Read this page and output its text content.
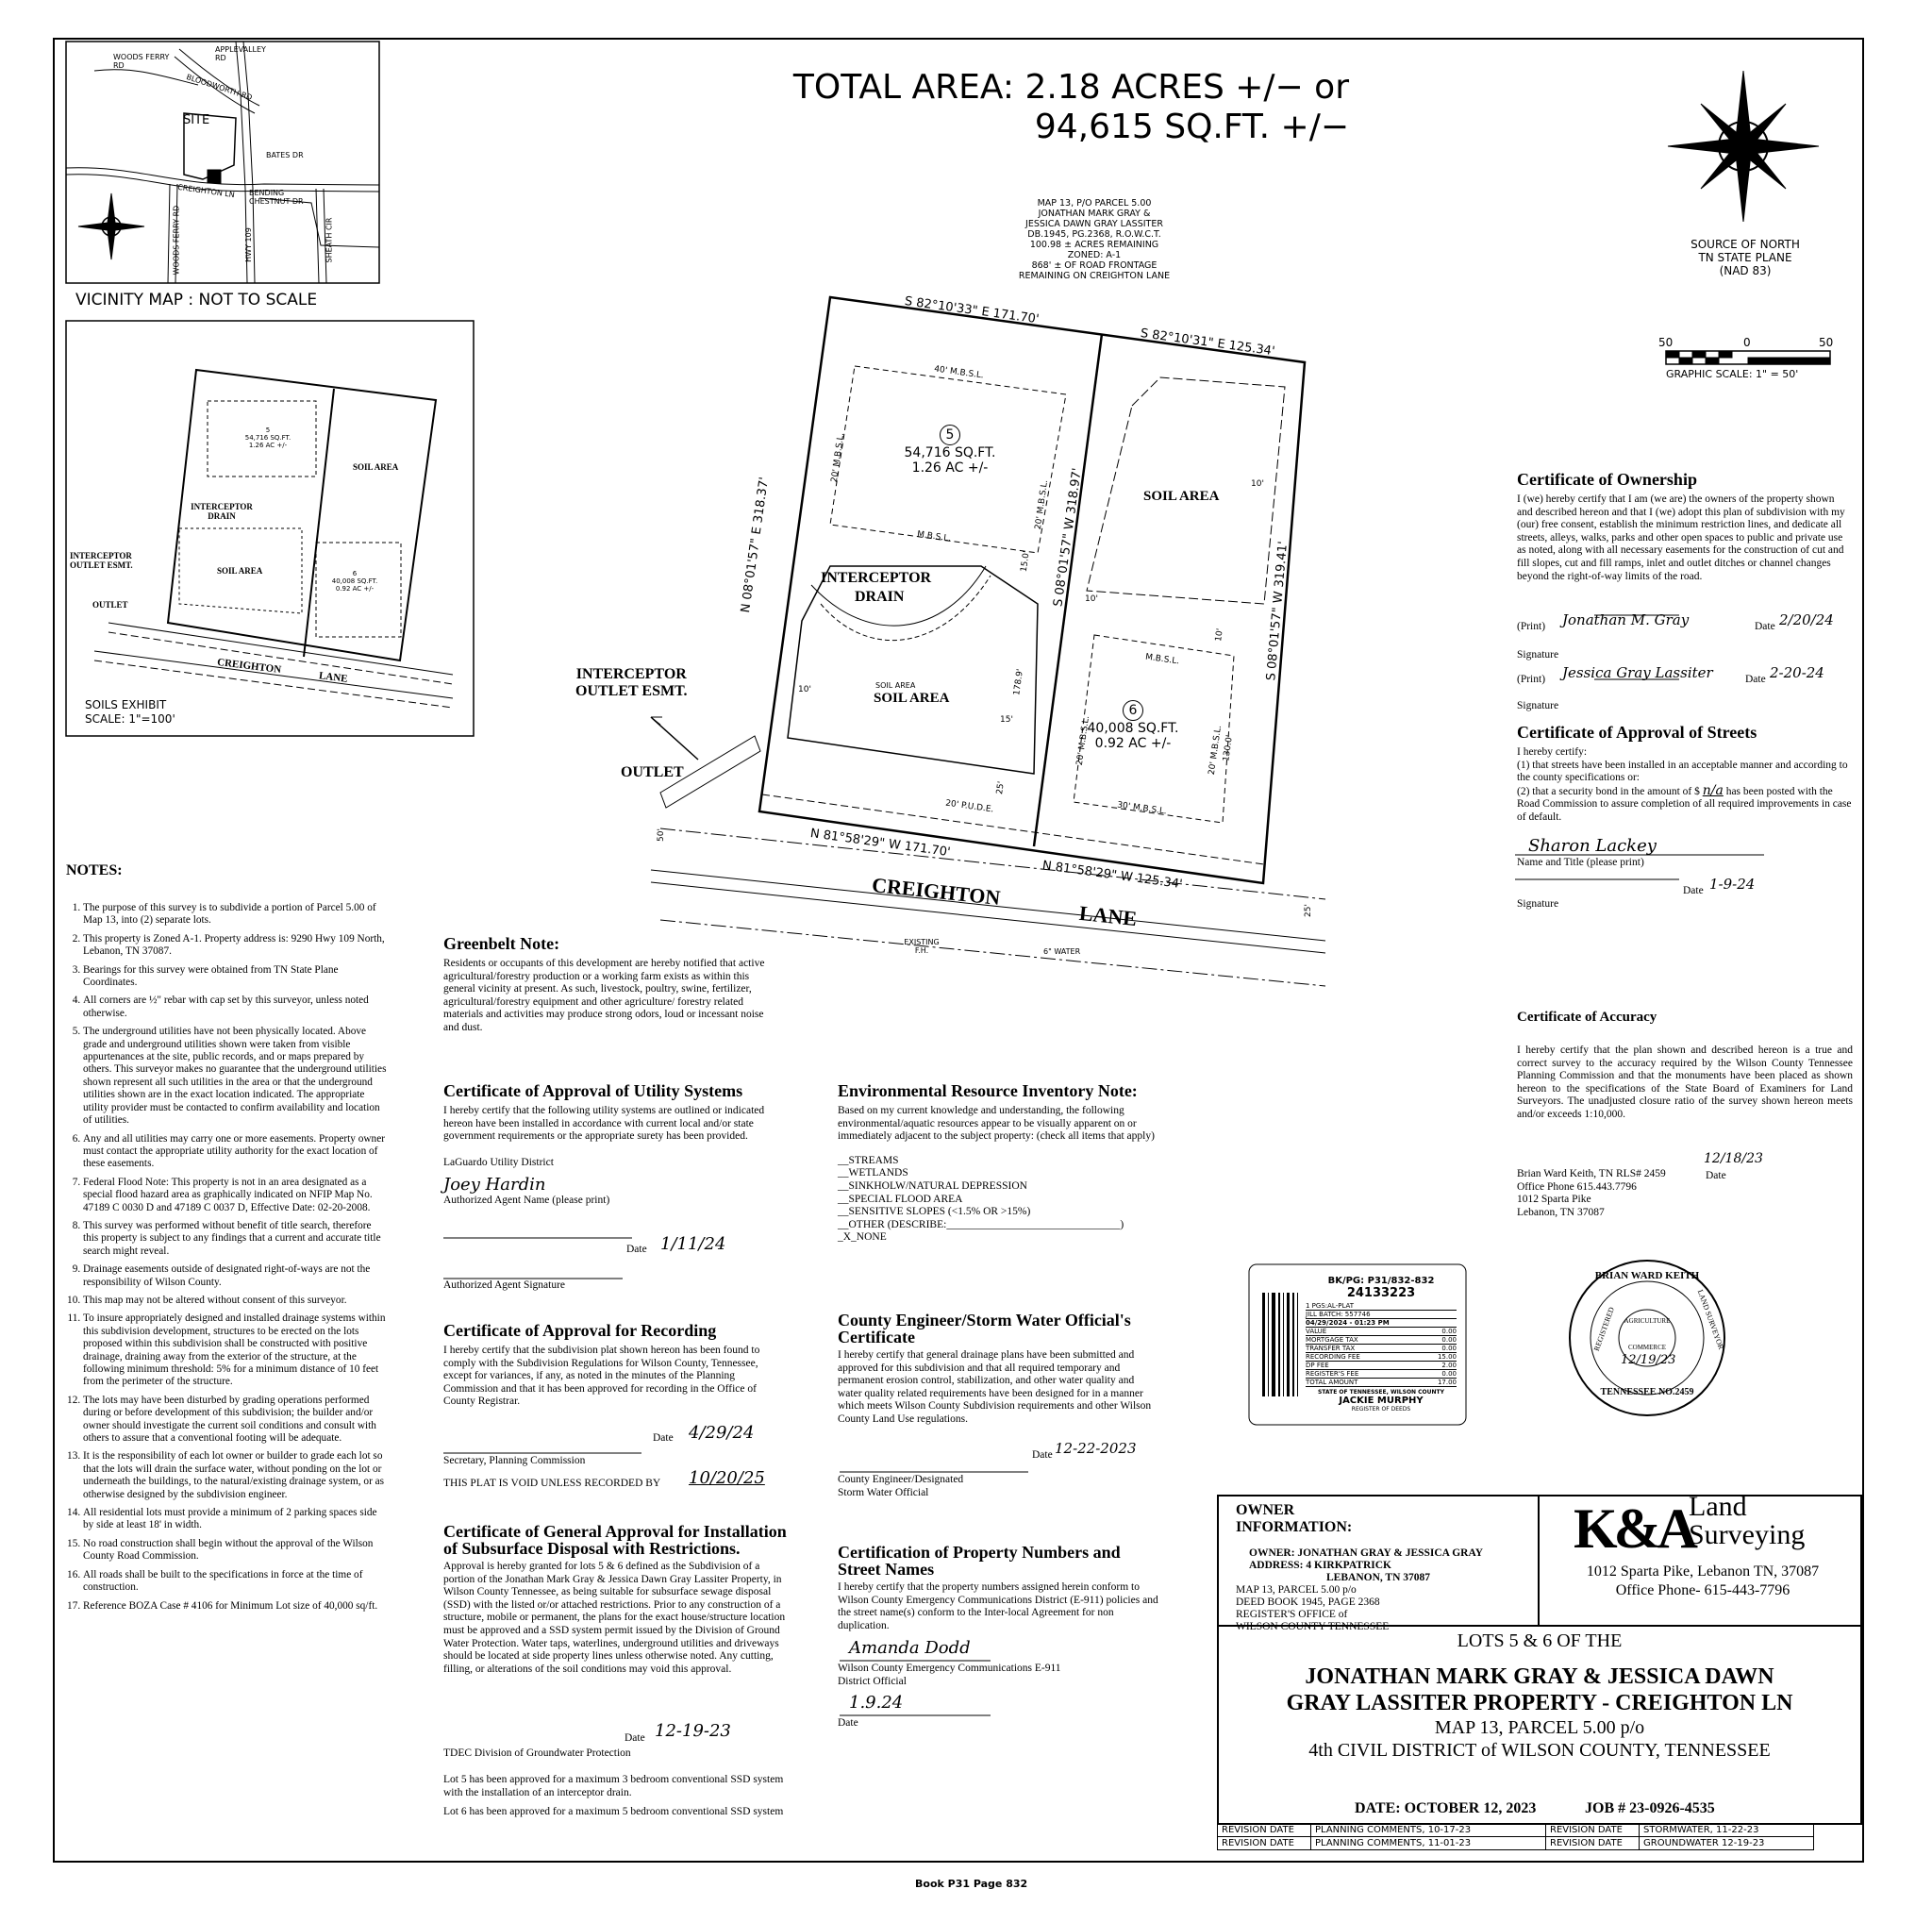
TOTAL AREA: 2.18 ACRES +/− or
94,615 SQ.FT. +/−
MAP 13, P/O PARCEL 5.00
JONATHAN MARK GRAY &
JESSICA DAWN GRAY LASSITER
DB.1945, PG.2368, R.O.W.C.T.
100.98 ± ACRES REMAINING
ZONED: A-1
868' ± OF ROAD FRONTAGE
REMAINING ON CREIGHTON LANE
SOURCE OF NORTH
TN STATE PLANE
(NAD 83)
50	0	50
GRAPHIC SCALE: 1" = 50'
WOODS FERRY RD
APPLEVALLEY RD
BLOODWORTH RD
SITE
BATES DR
CREIGHTON LN BENDING CHESTNUT DR
WOODS FERRY RD	HWY 109	SHEATH CIR
VICINITY MAP : NOT TO SCALE
INTERCEPTOR OUTLET ESMT.
OUTLET
INTERCEPTOR DRAIN
SOIL AREA
SOIL AREA
CREIGHTON
LANE
5
54,716 SQ.FT.
1.26 AC +/-
6
40,008 SQ.FT.
0.92 AC +/-
SOILS EXHIBIT
SCALE: 1"=100'
S 82°10'33" E 171.70'
S 82°10'31" E 125.34'
N 08°01'57" E 318.37'	S 08°01'57" W 318.97'
S 08°01'57" W 319.41'
N 81°58'29" W 171.70'
N 81°58'29" W 125.34'
5
54,716 SQ.FT.
1.26 AC +/-
6
40,008 SQ.FT.
0.92 AC +/-
SOIL AREA
SOIL AREA
SOIL AREA
INTERCEPTOR
DRAIN
INTERCEPTOR
OUTLET ESMT.
OUTLET
CREIGHTON
LANE
40' M.B.S.L.
M.B.S.L.
M.B.S.L.
20' M.B.S.L.
20' M.B.S.L.
20' M.B.S.L.	20' M.B.S.L.
30' M.B.S.L.
20' P.U.D.E.
EXISTING F.H.	6" WATER
50'
25'
25'
10'
10'
10'
10'
15'
178.9'
130.0'
15.0'
NOTES:
1. The purpose of this survey is to subdivide a portion of Parcel 5.00 of Map 13, into (2) separate lots.
2. This property is Zoned A-1. Property address is: 9290 Hwy 109 North, Lebanon, TN 37087.
3. Bearings for this survey were obtained from TN State Plane Coordinates.
4. All corners are ½" rebar with cap set by this surveyor, unless noted otherwise.
5. The underground utilities have not been physically located. Above grade and underground utilities shown were taken from visible appurtenances at the site, public records, and or maps prepared by others. This surveyor makes no guarantee that the underground utilities shown represent all such utilities in the area or that the underground utilities shown are in the exact location indicated. The appropriate utility provider must be contacted to confirm availability and location of utilities.
6. Any and all utilities may carry one or more easements. Property owner must contact the appropriate utility authority for the exact location of these easements.
7. Federal Flood Note: This property is not in an area designated as a special flood hazard area as graphically indicated on NFIP Map No. 47189 C 0030 D and 47189 C 0037 D, Effective Date: 02-20-2008.
8. This survey was performed without benefit of title search, therefore this property is subject to any findings that a current and accurate title search might reveal.
9. Drainage easements outside of designated right-of-ways are not the responsibility of Wilson County.
10. This map may not be altered without consent of this surveyor.
11. To insure appropriately designed and installed drainage systems within this subdivision development, structures to be erected on the lots proposed within this subdivision shall be constructed with positive drainage, draining away from the exterior of the structure, at the following minimum threshold: 5% for a minimum distance of 10 feet from the perimeter of the structure.
12. The lots may have been disturbed by grading operations performed during or before development of this subdivision; the builder and/or owner should investigate the current soil conditions and consult with others to assure that a conventional footing will be adequate.
13. It is the responsibility of each lot owner or builder to grade each lot so that the lots will drain the surface water, without ponding on the lot or underneath the buildings, to the natural/existing drainage system, or as otherwise designed by the subdivision engineer.
14. All residential lots must provide a minimum of 2 parking spaces side by side at least 18' in width.
15. No road construction shall begin without the approval of the Wilson County Road Commission.
16. All roads shall be built to the specifications in force at the time of construction.
17. Reference BOZA Case # 4106 for Minimum Lot size of 40,000 sq/ft.
Greenbelt Note:
Residents or occupants of this development are hereby notified that active agricultural/forestry production or a working farm exists as within this general vicinity at present. As such, livestock, poultry, swine, fertilizer, agricultural/forestry equipment and other agriculture/ forestry related materials and activities may produce strong odors, loud or incessant noise and dust.
Certificate of Approval of Utility Systems
I hereby certify that the following utility systems are outlined or indicated hereon have been installed in accordance with current local and/or state government requirements or the appropriate surety has been provided.
LaGuardo Utility District
Joey Hardin
Authorized Agent Name (please print)
Authorized Agent Signature
Date 1/11/24
Certificate of Approval for Recording
I hereby certify that the subdivision plat shown hereon has been found to comply with the Subdivision Regulations for Wilson County, Tennessee, except for variances, if any, as noted in the minutes of the Planning Commission and that it has been approved for recording in the Office of County Registrar.
Secretary, Planning Commission
Date 4/29/24
THIS PLAT IS VOID UNLESS RECORDED BY 10/20/25
Certificate of General Approval for Installation of Subsurface Disposal with Restrictions.
Approval is hereby granted for lots 5 & 6 defined as the Subdivision of a portion of the Jonathan Mark Gray & Jessica Dawn Gray Lassiter Property, in Wilson County Tennessee, as being suitable for subsurface sewage disposal (SSD) with the listed or/or attached restrictions. Prior to any construction of a structure, mobile or permanent, the plans for the exact house/structure location must be approved and a SSD system permit issued by the Division of Ground Water Protection. Water taps, waterlines, underground utilities and driveways should be located at side property lines unless otherwise noted. Any cutting, filling, or alterations of the soil conditions may void this approval.
TDEC Division of Groundwater Protection
Date 12-19-23
Lot 5 has been approved for a maximum 3 bedroom conventional SSD system with the installation of an interceptor drain.
Lot 6 has been approved for a maximum 5 bedroom conventional SSD system
Environmental Resource Inventory Note:
Based on my current knowledge and understanding, the following environmental/aquatic resources appear to be visually apparent on or immediately adjacent to the subject property: (check all items that apply)
__STREAMS
__WETLANDS
__SINKHOLW/NATURAL DEPRESSION
__SPECIAL FLOOD AREA
__SENSITIVE SLOPES (<1.5% OR >15%)
__OTHER (DESCRIBE:________________________________)
_X_NONE
County Engineer/Storm Water Official's Certificate
I hereby certify that general drainage plans have been submitted and approved for this subdivision and that all required temporary and permanent erosion control, stabilization, and other water quality and water quality related requirements have been designed for in a manner which meets Wilson County Subdivision requirements and other Wilson County Land Use regulations.
County Engineer/Designated Storm Water Official
Date 12-22-2023
Certification of Property Numbers and Street Names
I hereby certify that the property numbers assigned herein conform to Wilson County Emergency Communications District (E-911) policies and the street name(s) conform to the Inter-local Agreement for non duplication.
Amanda Dodd
Wilson County Emergency Communications E-911 District Official
1.9.24
Date
Certificate of Ownership
I (we) hereby certify that I am (we are) the owners of the property shown and described hereon and that I (we) adopt this plan of subdivision with my (our) free consent, establish the minimum restriction lines, and dedicate all streets, alleys, walks, parks and other open spaces to public and private use as noted, along with all necessary easements for the construction of cut and fill slopes, cut and fill ramps, inlet and outlet ditches or channel changes beyond the right-of-way limits of the road.
(Print) Jonathan M. Gray	Date 2/20/24
Signature
(Print) Jessica Gray Lassiter	Date 2-20-24
Signature
Certificate of Approval of Streets
I hereby certify:
(1) that streets have been installed in an acceptable manner and according to the county specifications or:
(2) that a security bond in the amount of $ n/a has been posted with the Road Commission to assure completion of all required improvements in case of default.
Sharon Lackey
Name and Title (please print)
Signature
Date 1-9-24
Certificate of Accuracy
I hereby certify that the plan shown and described hereon is a true and correct survey to the accuracy required by the Wilson County Tennessee Planning Commission and that the monuments have been placed as shown hereon to the specifications of the State Board of Examiners for Land Surveyors. The unadjusted closure ratio of the survey shown hereon meets and/or exceeds 1:10,000.
Brian Ward Keith, TN RLS# 2459
Office Phone 615.443.7796
1012 Sparta Pike
Lebanon, TN 37087
12/18/23
Date
BRIAN WARD KEITH
REGISTERED	LAND SURVEYOR
AGRICULTURE
COMMERCE
12/19/23
TENNESSEE NO.2459
BK/PG: P31/832-832
24133223
1 PGS:AL-PLAT
JILL BATCH: 557746
04/29/2024 - 01:23 PM
VALUE	0.00
MORTGAGE TAX	0.00
TRANSFER TAX	0.00
RECORDING FEE	15.00
DP FEE	2.00
REGISTER'S FEE	0.00
TOTAL AMOUNT	17.00
STATE OF TENNESSEE, WILSON COUNTY
JACKIE MURPHY
REGISTER OF DEEDS
OWNER
INFORMATION:
OWNER: JONATHAN GRAY & JESSICA GRAY
ADDRESS: 4 KIRKPATRICK
LEBANON, TN 37087
MAP 13, PARCEL 5.00 p/o
DEED BOOK 1945, PAGE 2368
REGISTER'S OFFICE of
WILSON COUNTY TENNESSEE
K&A
Land
Surveying
1012 Sparta Pike, Lebanon TN, 37087
Office Phone- 615-443-7796
LOTS 5 & 6 OF THE
JONATHAN MARK GRAY & JESSICA DAWN
GRAY LASSITER PROPERTY - CREIGHTON LN
MAP 13, PARCEL 5.00 p/o
4th CIVIL DISTRICT of WILSON COUNTY, TENNESSEE
DATE: OCTOBER 12, 2023	JOB # 23-0926-4535
REVISION DATE	PLANNING COMMENTS, 10-17-23	REVISION DATE	STORMWATER, 11-22-23
REVISION DATE	PLANNING COMMENTS, 11-01-23	REVISION DATE	GROUNDWATER 12-19-23
Book P31 Page 832
